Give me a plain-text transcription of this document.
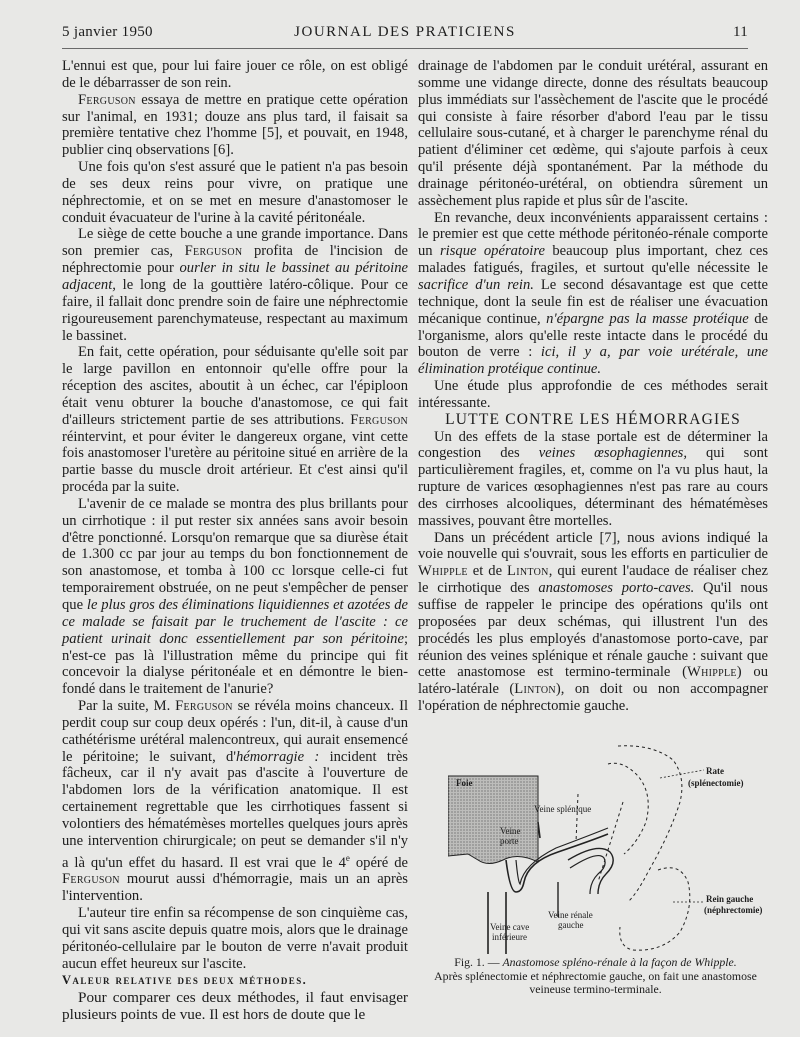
5 janvier 1950	JOURNAL DES PRATICIENS	11

L'ennui est que, pour lui faire jouer ce rôle, on est obligé de le débarrasser de son rein.

Ferguson essaya de mettre en pratique cette opération sur l'animal, en 1931; douze ans plus tard, il faisait sa première tentative chez l'homme [5], et pouvait, en 1948, publier cinq observations [6].

Une fois qu'on s'est assuré que le patient n'a pas besoin de ses deux reins pour vivre, on pratique une néphrectomie, et on se met en mesure d'anastomoser le conduit évacuateur de l'urine à la cavité péritonéale.

Le siège de cette bouche a une grande importance. Dans son premier cas, Ferguson profita de l'incision de néphrectomie pour ourler in situ le bassinet au péritoine adjacent, le long de la gouttière latéro-côlique. Pour ce faire, il fallait donc prendre soin de faire une néphrectomie rigoureusement parenchymateuse, respectant au maximum le bassinet.

En fait, cette opération, pour séduisante qu'elle soit par le large pavillon en entonnoir qu'elle offre pour la réception des ascites, aboutit à un échec, car l'épiploon était venu obturer la bouche d'anastomose, ce qui fait d'ailleurs strictement partie de ses attributions. Ferguson réintervint, et pour éviter le dangereux organe, vint cette fois anastomoser l'uretère au péritoine situé en arrière de la partie basse du muscle droit artérieur. Et c'est ainsi qu'il procéda par la suite.

L'avenir de ce malade se montra des plus brillants pour un cirrhotique : il put rester six années sans avoir besoin d'être ponctionné. Lorsqu'on remarque que sa diurèse était de 1.300 cc par jour au temps du bon fonctionnement de son anastomose, et tomba à 100 cc lorsque celle-ci fut temporairement obstruée, on ne peut s'empêcher de penser que le plus gros des éliminations liquidiennes et azotées de ce malade se faisait par le truchement de l'ascite : ce patient urinait donc essentiellement par son péritoine; n'est-ce pas là l'illustration même du principe qui fit concevoir la dialyse péritonéale et en démontre le bien-fondé dans le traitement de l'anurie?

Par la suite, M. Ferguson se révéla moins chanceux. Il perdit coup sur coup deux opérés : l'un, dit-il, à cause d'un cathétérisme urétéral malencontreux, qui aurait ensemencé le péritoine; le suivant, d'hémorragie : incident très fâcheux, car il n'y avait pas d'ascite à l'ouverture de l'abdomen lors de la vérification anatomique. Il est certainement regrettable que les cirrhotiques fassent si volontiers des hématémèses mortelles quelques jours après une intervention chirurgicale; on peut se demander s'il n'y a là qu'un effet du hasard. Il est vrai que le 4e opéré de Ferguson mourut aussi d'hémorragie, mais un an après l'intervention.

L'auteur tire enfin sa récompense de son cinquième cas, qui vit sans ascite depuis quatre mois, alors que le drainage péritonéo-cellulaire par le bouton de verre n'avait produit aucun effet heureux sur l'ascite.

Valeur relative des deux méthodes.

Pour comparer ces deux méthodes, il faut envisager plusieurs points de vue. Il est hors de doute que le

drainage de l'abdomen par le conduit urétéral, assurant en somme une vidange directe, donne des résultats beaucoup plus immédiats sur l'assèchement de l'ascite que le procédé qui consiste à faire résorber d'abord l'eau par le tissu cellulaire sous-cutané, et à charger le parenchyme rénal du patient d'éliminer cet œdème, qui s'ajoute parfois à ceux qu'il présente déjà spontanément. Par la méthode du drainage péritonéo-urétéral, on obtiendra sûrement un assèchement plus rapide et plus sûr de l'ascite.

En revanche, deux inconvénients apparaissent certains : le premier est que cette méthode péritonéo-rénale comporte un risque opératoire beaucoup plus important, chez ces malades fatigués, fragiles, et surtout qu'elle nécessite le sacrifice d'un rein. Le second désavantage est que cette technique, dont la seule fin est de réaliser une évacuation mécanique continue, n'épargne pas la masse protéique de l'organisme, alors qu'elle reste intacte dans le procédé du bouton de verre : ici, il y a, par voie urétérale, une élimination protéique continue.

Une étude plus approfondie de ces méthodes serait intéressante.

LUTTE CONTRE LES HÉMORRAGIES

Un des effets de la stase portale est de déterminer la congestion des veines œsophagiennes, qui sont particulièrement fragiles, et, comme on l'a vu plus haut, la rupture de varices œsophagiennes n'est pas rare au cours des cirrhoses alcooliques, déterminant des hématémèses massives, pouvant être mortelles.

Dans un précédent article [7], nous avions indiqué la voie nouvelle qui s'ouvrait, sous les efforts en particulier de Whipple et de Linton, qui eurent l'audace de réaliser chez le cirrhotique des anastomoses porto-caves. Qu'il nous suffise de rappeler le principe des opérations qu'ils ont proposées par deux schémas, qui illustrent l'un des procédés les plus employés d'anastomose porto-cave, par réunion des veines splénique et rénale gauche : suivant que cette anastomose est termino-terminale (Whipple) ou latéro-latérale (Linton), on doit ou non accompagner l'opération de néphrectomie gauche.

Foie
Rate
(splénectomie)
Rein gauche
(néphrectomie)
Veine splénique
Veine
porte
Veine cave
inférieure
Veine rénale
gauche
Fig. 1. — Anastomose spléno-rénale à la façon de Whipple.
Après splénectomie et néphrectomie gauche, on fait une anastomose veineuse termino-terminale.
